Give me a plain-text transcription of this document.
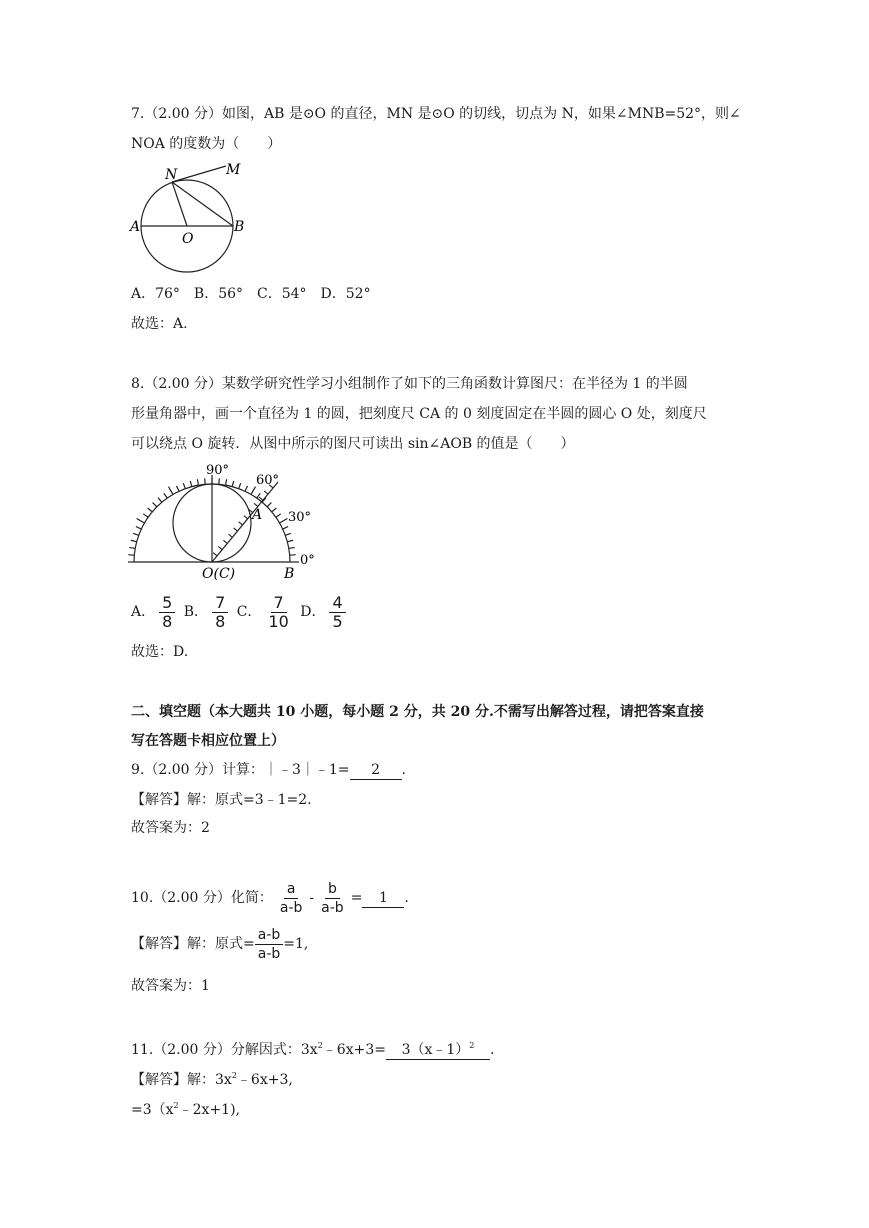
7.（2.00 分）如图，AB 是⊙O 的直径，MN 是⊙O 的切线，切点为 N，如果∠MNB=52°，则∠
NOA 的度数为（　　）
N	M
A
O
B
A．76°　B．56°　C．54°　D．52°
故选：A.
8.（2.00 分）某数学研究性学习小组制作了如下的三角函数计算图尺：在半径为 1 的半圆
形量角器中，画一个直径为 1 的圆，把刻度尺 CA 的 0 刻度固定在半圆的圆心 O 处，刻度尺
可以绕点 O 旋转．从图中所示的图尺可读出 sin∠AOB 的值是（　　）
90°
60°
30°
0°
A
O(C)	B
A． $\frac{5}{8}$ B． $\frac{7}{8}$ C． $\frac{7}{10}$ D． $\frac{4}{5}$
故选：D.
二、填空题（本大题共 10 小题，每小题 2 分，共 20 分.不需写出解答过程，请把答案直接
写在答题卡相应位置上）
9.（2.00 分）计算：｜﹣3｜﹣1= 2 .
【解答】解：原式=3﹣1=2.
故答案为：2
10.（2.00 分）化简： $\frac{a}{a-b} - \frac{b}{a-b} = 1$ .
【解答】解：原式= $\frac{a-b}{a-b} =1$,
故答案为：1
11.（2.00 分）分解因式：$3x^2﹣6x+3=$ 3（x﹣1）$^2$ .
【解答】解：$3x^2﹣6x+3$,
$=3(x^2﹣2x+1)$,
